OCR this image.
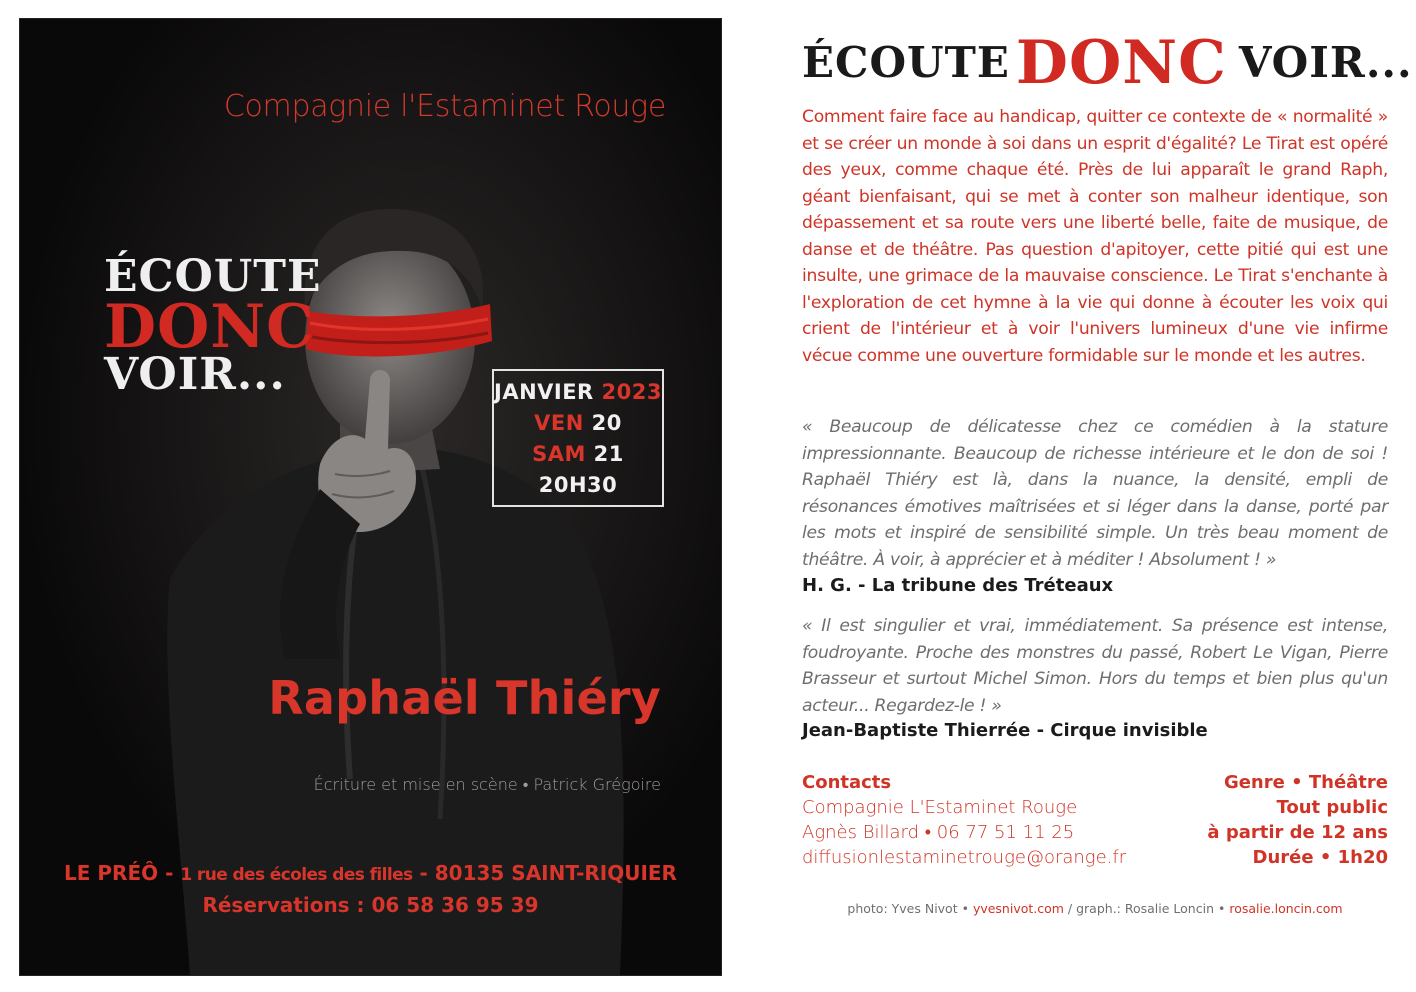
Compagnie l'Estaminet Rouge
ÉCOUTE
DONC
VOIR...	JANVIER 2023
VEN 20
SAM 21
20H30
Raphaël Thiéry
Écriture et mise en scène • Patrick Grégoire
LE PRÉÔ - 1 rue des écoles des filles - 80135 SAINT-RIQUIER
Réservations : 06 58 36 95 39
ÉCOUTE DONC VOIR...
Comment faire face au handicap, quitter ce contexte de « normalité » et se créer un monde à soi dans un esprit d'égalité? Le Tirat est opéré des yeux, comme chaque été. Près de lui apparaît le grand Raph, géant bienfaisant, qui se met à conter son malheur identique, son dépassement et sa route vers une liberté belle, faite de musique, de danse et de théâtre. Pas question d'apitoyer, cette pitié qui est une insulte, une grimace de la mauvaise conscience. Le Tirat s'enchante à l'exploration de cet hymne à la vie qui donne à écouter les voix qui crient de l'intérieur et à voir l'univers lumineux d'une vie infirme vécue comme une ouverture formidable sur le monde et les autres.
« Beaucoup de délicatesse chez ce comédien à la stature impressionnante. Beaucoup de richesse intérieure et le don de soi ! Raphaël Thiéry est là, dans la nuance, la densité, empli de résonances émotives maîtrisées et si léger dans la danse, porté par les mots et inspiré de sensibilité simple. Un très beau moment de théâtre. À voir, à apprécier et à méditer ! Absolument ! »
H. G. - La tribune des Tréteaux
« Il est singulier et vrai, immédiatement. Sa présence est intense, foudroyante. Proche des monstres du passé, Robert Le Vigan, Pierre Brasseur et surtout Michel Simon. Hors du temps et bien plus qu'un acteur... Regardez-le ! »
Jean-Baptiste Thierrée - Cirque invisible
Contacts
Compagnie L'Estaminet Rouge
Agnès Billard • 06 77 51 11 25
diffusionlestaminetrouge@orange.fr
Genre • Théâtre
Tout public
à partir de 12 ans
Durée • 1h20
photo: Yves Nivot • yvesnivot.com / graph.: Rosalie Loncin • rosalie.loncin.com
